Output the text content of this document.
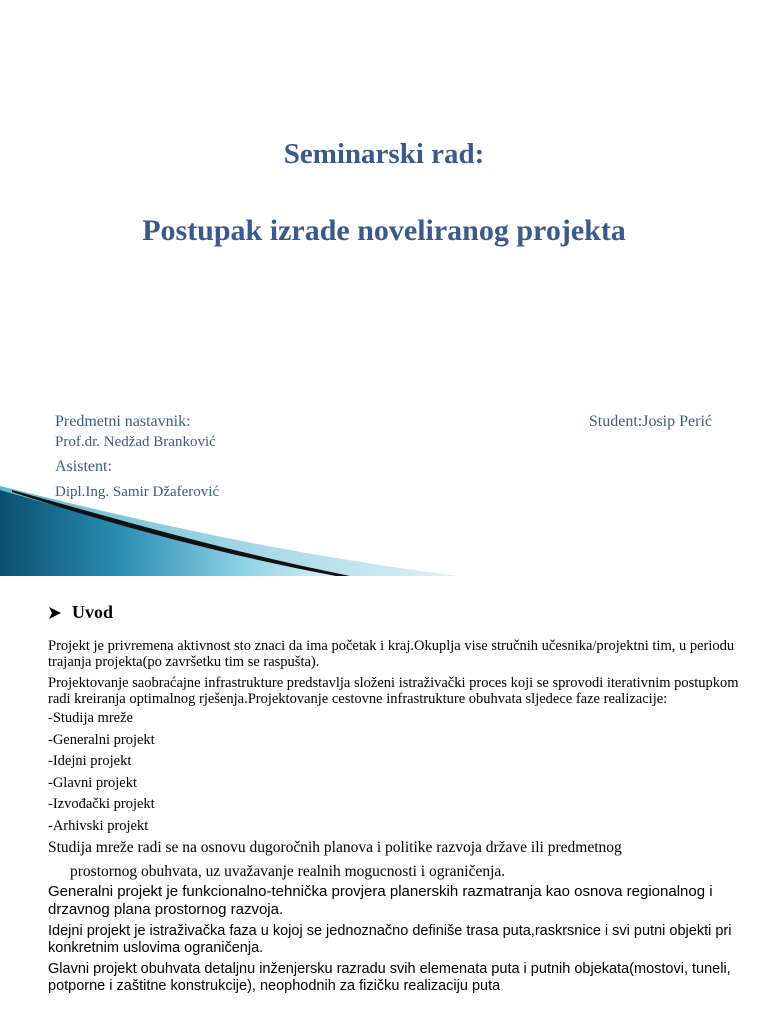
Seminarski rad:
Postupak izrade noveliranog projekta
Predmetni nastavnik:
Prof.dr. Nedžad Branković
Asistent:
Dipl.Ing. Samir Džaferović
Student:Josip Perić
Uvod
Projekt je privremena aktivnost sto znaci da ima početak i kraj.Okuplja vise stručnih učesnika/projektni tim, u periodu trajanja projekta(po završetku tim se raspušta).
Projektovanje saobraćajne infrastrukture predstavlja složeni istraživački proces koji se sprovodi iterativnim postupkom radi kreiranja optimalnog rješenja.Projektovanje cestovne infrastrukture obuhvata sljedece faze realizacije:
-Studija mreže
-Generalni projekt
-Idejni projekt
-Glavni projekt
-Izvođački projekt
-Arhivski projekt
Studija mreže radi se na osnovu dugoročnih planova i politike razvoja države ili predmetnog
prostornog obuhvata, uz uvažavanje realnih mogucnosti i ograničenja.
Generalni projekt je funkcionalno-tehnička provjera planerskih razmatranja kao osnova regionalnog i drzavnog plana prostornog razvoja.
Idejni projekt je istraživačka faza u kojoj se jednoznačno definiše trasa puta,raskrsnice i svi putni objekti pri konkretnim uslovima ograničenja.
Glavni projekt obuhvata detaljnu inženjersku razradu svih elemenata puta i putnih objekata(mostovi, tuneli, potporne i zaštitne konstrukcije), neophodnih za fizičku realizaciju puta
